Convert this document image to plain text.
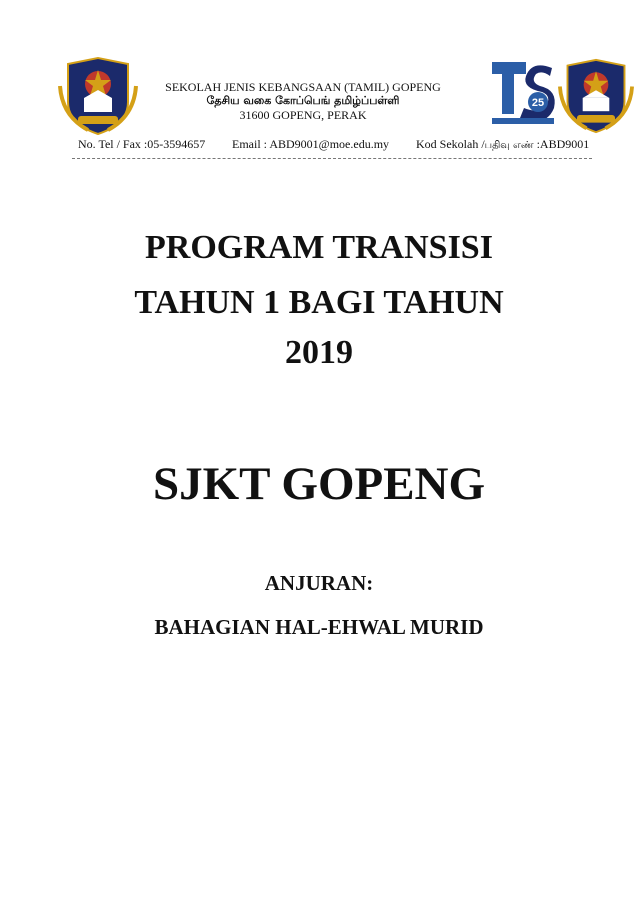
SEKOLAH JENIS KEBANGSAAN (TAMIL) GOPENG
தேசிய வகை கோப்பெங் தமிழ்ப்பள்ளி
31600 GOPENG, PERAK
25
No. Tel / Fax :05-3594657 Email : ABD9001@moe.edu.my Kod Sekolah /பதிவு எண் :ABD9001
PROGRAM TRANSISI
TAHUN 1 BAGI TAHUN
2019
SJKT GOPENG
ANJURAN:
BAHAGIAN HAL-EHWAL MURID
